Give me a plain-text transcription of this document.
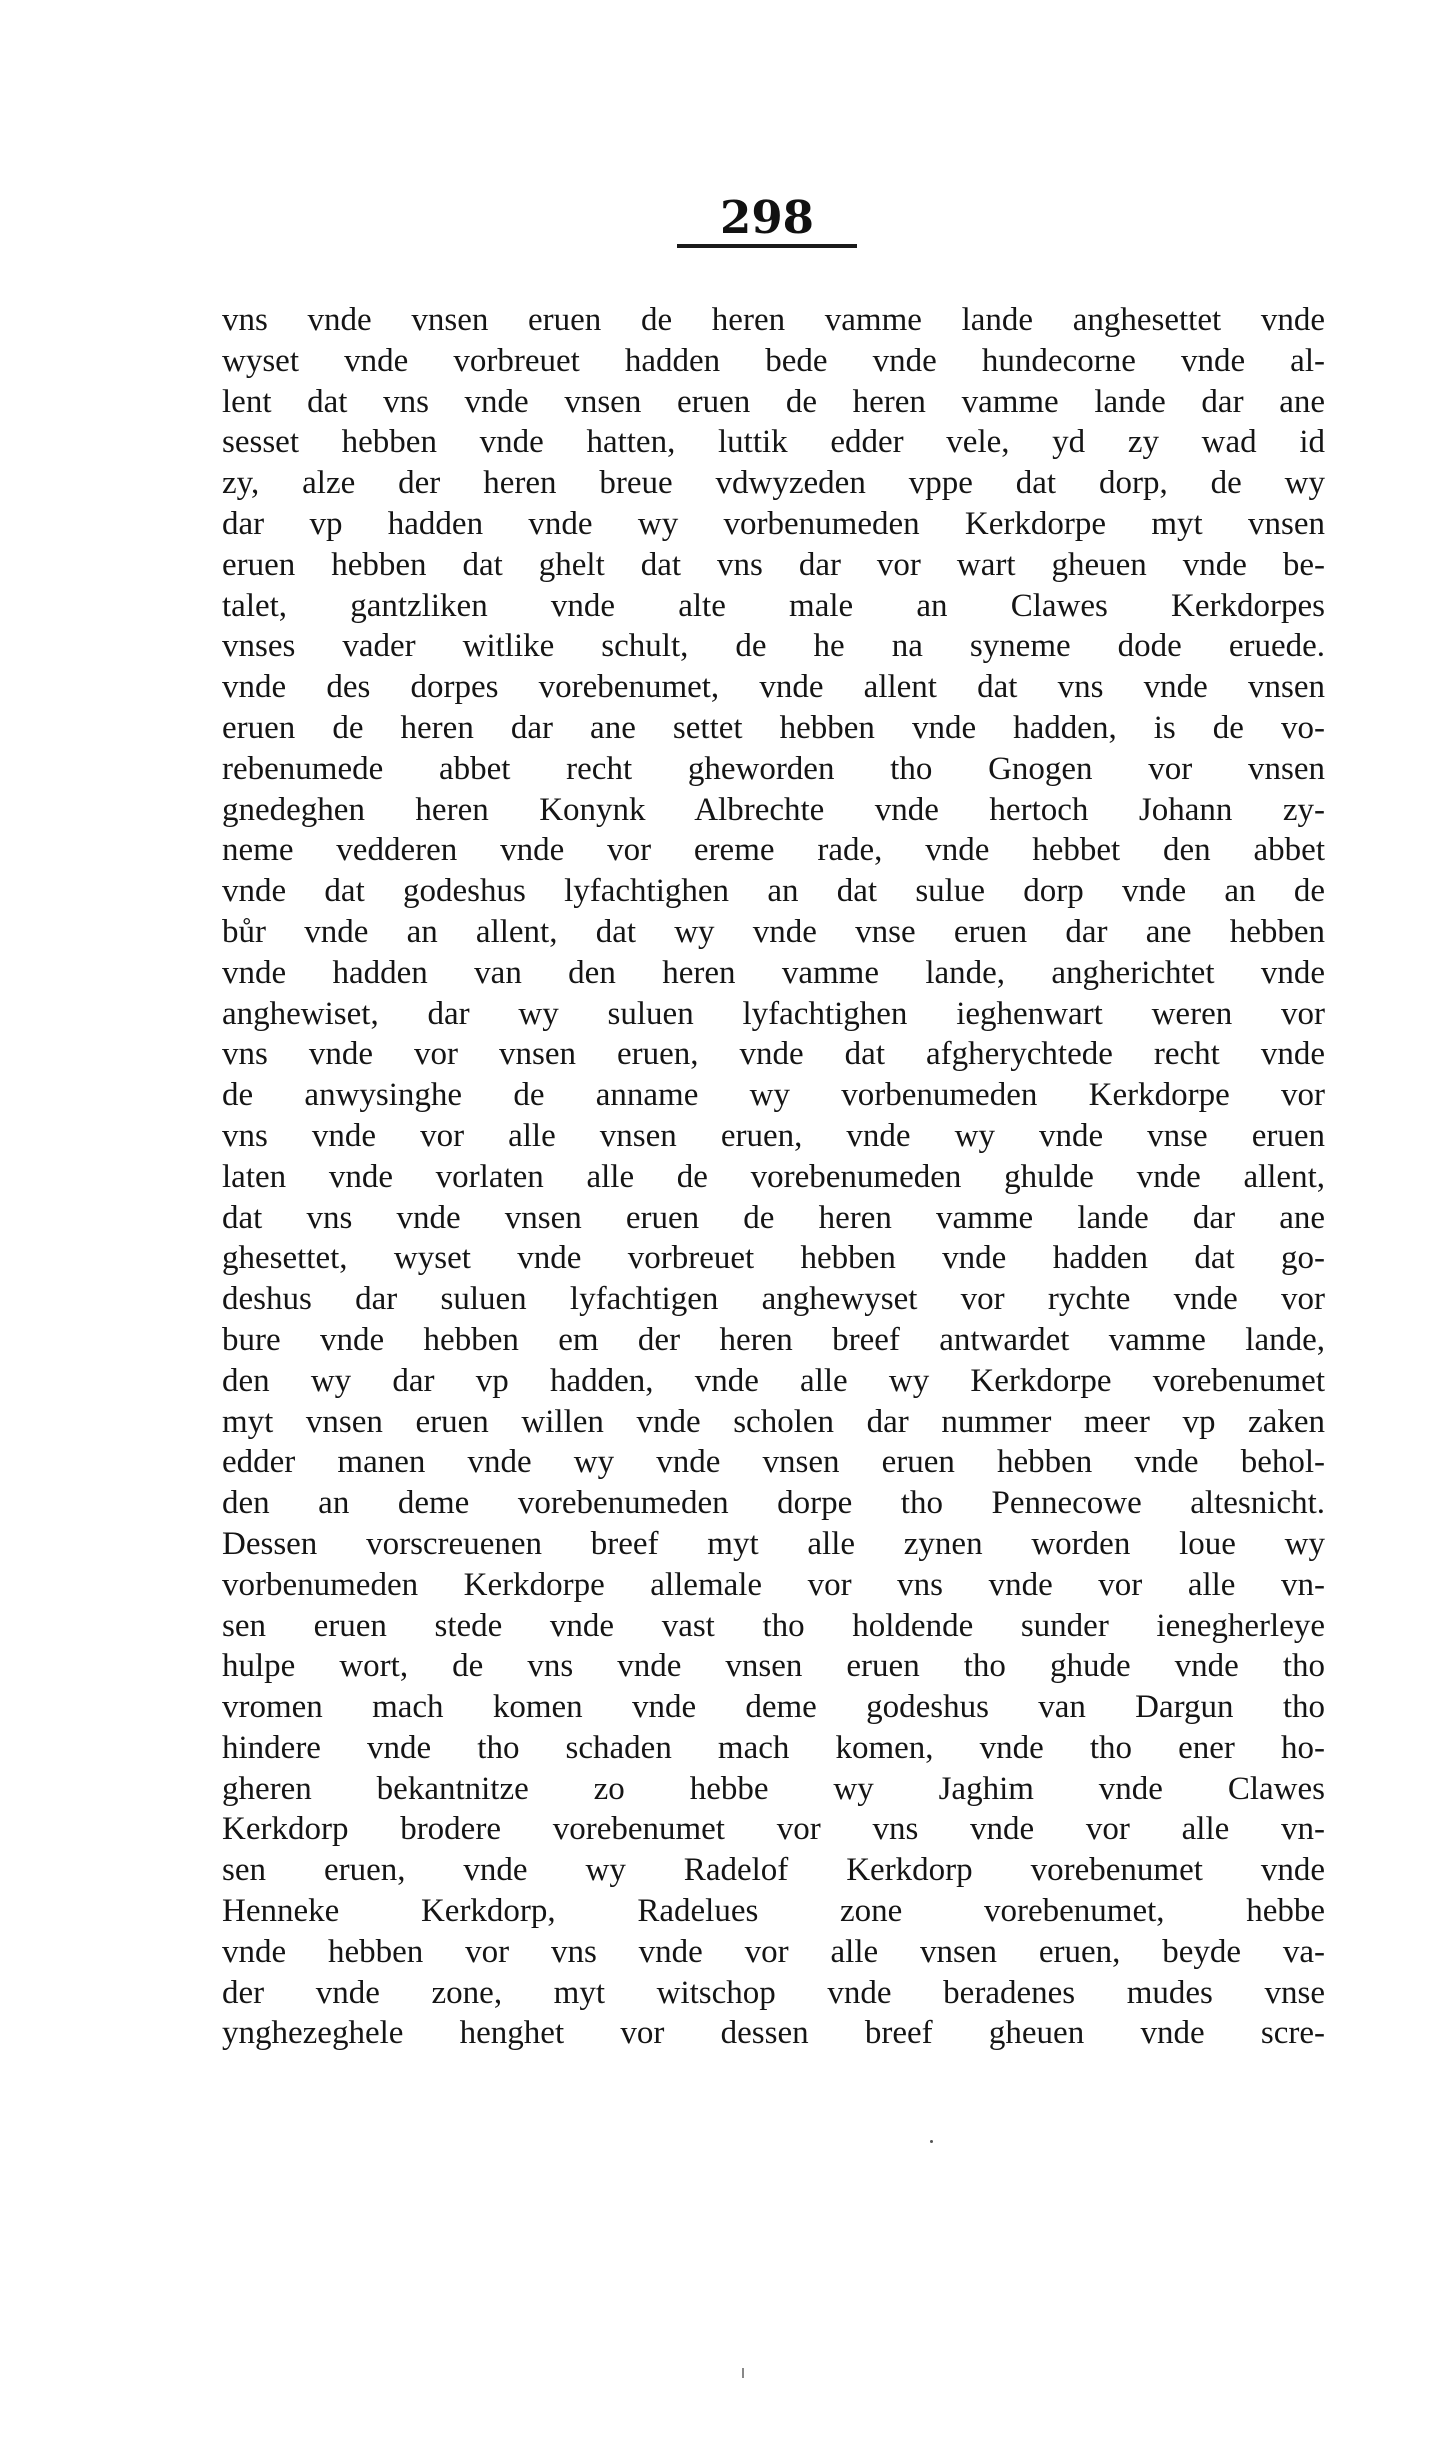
298
vns vnde vnsen eruen de heren vamme lande anghesettet vnde
wyset vnde vorbreuet hadden bede vnde hundecorne vnde al-
lent dat vns vnde vnsen eruen de heren vamme lande dar ane
sesset hebben vnde hatten, luttik edder vele, yd zy wad id
zy, alze der heren breue vdwyzeden vppe dat dorp, de wy
dar vp hadden vnde wy vorbenumeden Kerkdorpe myt vnsen
eruen hebben dat ghelt dat vns dar vor wart gheuen vnde be-
talet, gantzliken vnde alte male an Clawes Kerkdorpes
vnses vader witlike schult, de he na syneme dode eruede.
vnde des dorpes vorebenumet, vnde allent dat vns vnde vnsen
eruen de heren dar ane settet hebben vnde hadden, is de vo-
rebenumede abbet recht gheworden tho Gnogen vor vnsen
gnedeghen heren Konynk Albrechte vnde hertoch Johann zy-
neme vedderen vnde vor ereme rade, vnde hebbet den abbet
vnde dat godeshus lyfachtighen an dat sulue dorp vnde an de
bůr vnde an allent, dat wy vnde vnse eruen dar ane hebben
vnde hadden van den heren vamme lande, angherichtet vnde
anghewiset, dar wy suluen lyfachtighen ieghenwart weren vor
vns vnde vor vnsen eruen, vnde dat afgherychtede recht vnde
de anwysinghe de anname wy vorbenumeden Kerkdorpe vor
vns vnde vor alle vnsen eruen, vnde wy vnde vnse eruen
laten vnde vorlaten alle de vorebenumeden ghulde vnde allent,
dat vns vnde vnsen eruen de heren vamme lande dar ane
ghesettet, wyset vnde vorbreuet hebben vnde hadden dat go-
deshus dar suluen lyfachtigen anghewyset vor rychte vnde vor
bure vnde hebben em der heren breef antwardet vamme lande,
den wy dar vp hadden, vnde alle wy Kerkdorpe vorebenumet
myt vnsen eruen willen vnde scholen dar nummer meer vp zaken
edder manen vnde wy vnde vnsen eruen hebben vnde behol-
den an deme vorebenumeden dorpe tho Pennecowe altesnicht.
Dessen vorscreuenen breef myt alle zynen worden loue wy
vorbenumeden Kerkdorpe allemale vor vns vnde vor alle vn-
sen eruen stede vnde vast tho holdende sunder ienegherleye
hulpe wort, de vns vnde vnsen eruen tho ghude vnde tho
vromen mach komen vnde deme godeshus van Dargun tho
hindere vnde tho schaden mach komen, vnde tho ener ho-
gheren bekantnitze zo hebbe wy Jaghim vnde Clawes
Kerkdorp brodere vorebenumet vor vns vnde vor alle vn-
sen eruen, vnde wy Radelof Kerkdorp vorebenumet vnde
Henneke Kerkdorp, Radelues zone vorebenumet, hebbe
vnde hebben vor vns vnde vor alle vnsen eruen, beyde va-
der vnde zone, myt witschop vnde beradenes mudes vnse
ynghezeghele henghet vor dessen breef gheuen vnde scre-
